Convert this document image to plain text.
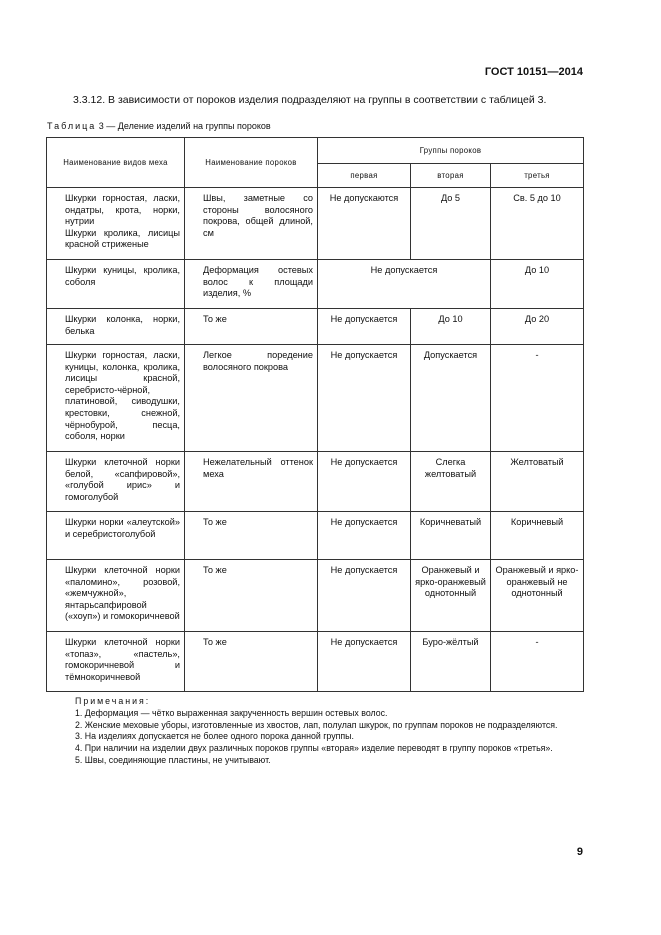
ГОСТ 10151—2014
3.3.12. В зависимости от пороков изделия подразделяют на группы в соответствии с таблицей 3.
Таблица 3 — Деление изделий на группы пороков
Наименование видов меха	Наименование пороков	Группы пороков		
		первая	вторая	третья

Шкурки горностая, ласки, ондатры, крота, норки, нутрии
Шкурки кролика, лисицы красной стриженые	Швы, заметные со стороны волосяного покрова, общей длиной, см	Не допускаются	До 5	Св. 5 до 10
Шкурки куницы, кролика, соболя	Деформация остевых волос к площади изделия, %	Не допускается		До 10
Шкурки колонка, норки, белька	То же	Не допускается	До 10	До 20
Шкурки горностая, ласки, куницы, колонка, кролика, лисицы красной, серебристо-чёрной, платиновой, сиводушки, крестовки, снежной, чёрнобурой, песца, соболя, норки	Легкое поредение волосяного покрова	Не допускается	Допускается	-
Шкурки клеточной норки белой, «сапфировой», «голубой ирис» и гомоголубой	Нежелательный оттенок меха	Не допускается	Слегка желтоватый	Желтоватый
Шкурки норки «алеутской» и серебристоголубой	То же	Не допускается	Коричневатый	Коричневый
Шкурки клеточной норки «паломино», розовой, «жемчужной», янтарьсапфировой («хоуп») и гомокоричневой	То же	Не допускается	Оранжевый и ярко-оранжевый однотонный	Оранжевый и ярко-оранжевый не однотонный
Шкурки клеточной норки «топаз», «пастель», гомокоричневой и тёмнокоричневой	То же	Не допускается	Буро-жёлтый	-

Примечания:

1. Деформация — чётко выраженная закрученность вершин остевых волос.

2. Женские меховые уборы, изготовленные из хвостов, лап, полулап шкурок, по группам пороков не подразделяются.

3. На изделиях допускается не более одного порока данной группы.

4. При наличии на изделии двух различных пороков группы «вторая» изделие переводят в группу пороков «третья».

5. Швы, соединяющие пластины, не учитывают.

9
